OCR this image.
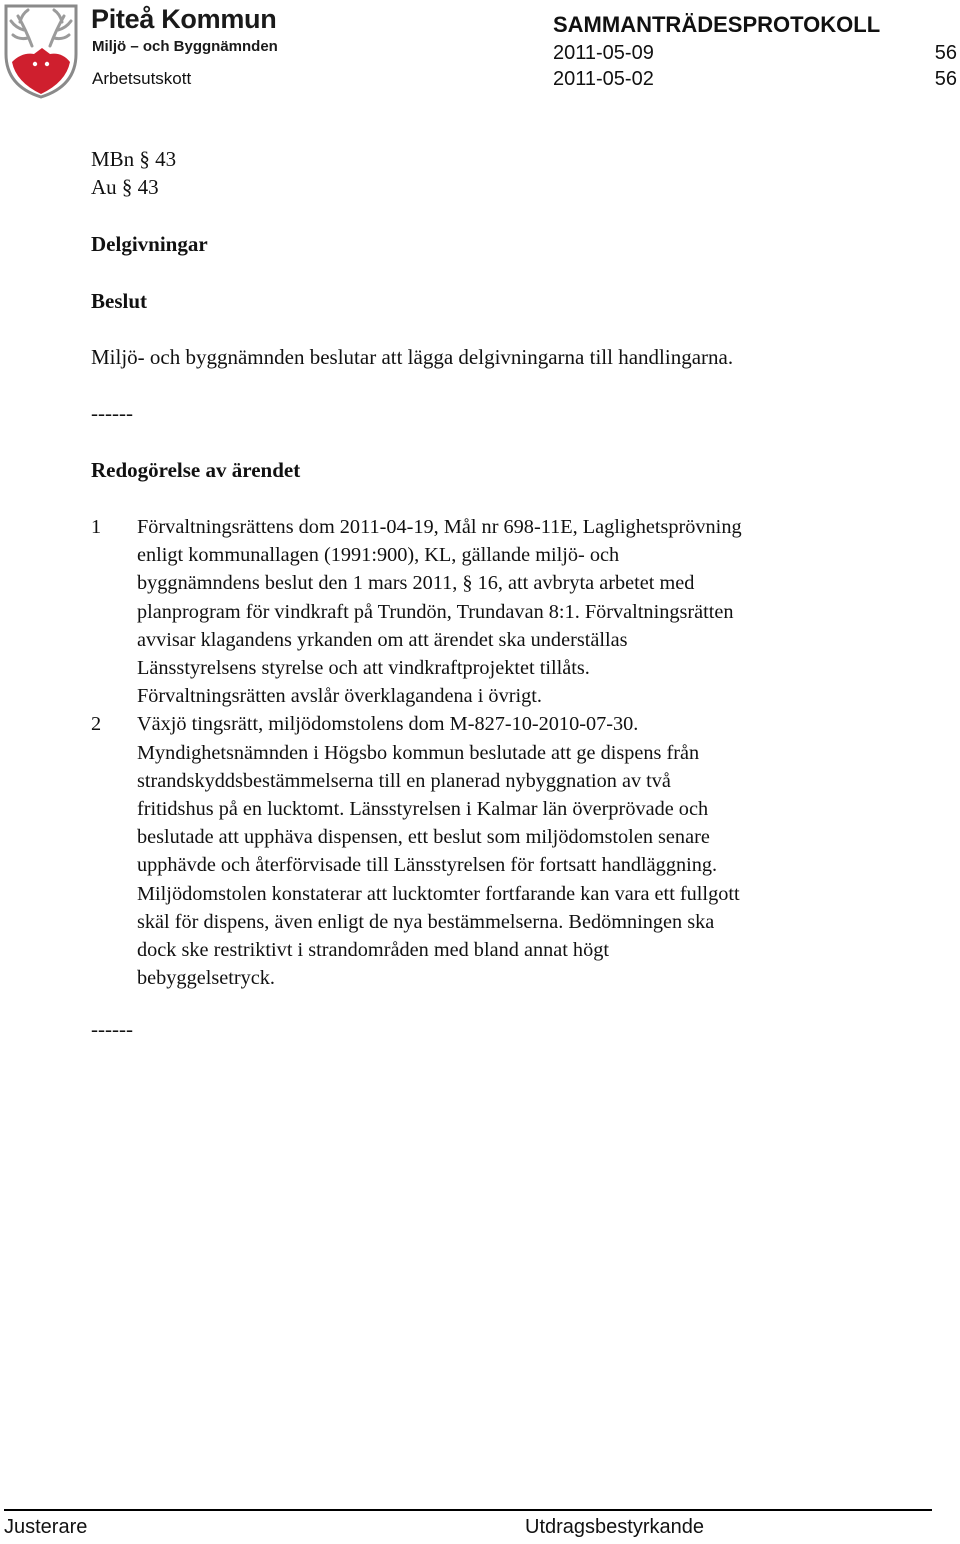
Piteå Kommun
Miljö – och Byggnämnden
Arbetsutskott
SAMMANTRÄDESPROTOKOLL
2011-05-09
2011-05-02
56
56
MBn § 43
Au § 43
Delgivningar
Beslut
Miljö- och byggnämnden beslutar att lägga delgivningarna till handlingarna.
------
Redogörelse av ärendet
1 Förvaltningsrättens dom 2011-04-19, Mål nr 698-11E, Laglighetsprövning
enligt kommunallagen (1991:900), KL, gällande miljö- och
byggnämndens beslut den 1 mars 2011, § 16, att avbryta arbetet med
planprogram för vindkraft på Trundön, Trundavan 8:1. Förvaltningsrätten
avvisar klagandens yrkanden om att ärendet ska underställas
Länsstyrelsens styrelse och att vindkraftprojektet tillåts.
Förvaltningsrätten avslår överklagandena i övrigt.
2 Växjö tingsrätt, miljödomstolens dom M-827-10-2010-07-30.
Myndighetsnämnden i Högsbo kommun beslutade att ge dispens från
strandskyddsbestämmelserna till en planerad nybyggnation av två
fritidshus på en lucktomt. Länsstyrelsen i Kalmar län överprövade och
beslutade att upphäva dispensen, ett beslut som miljödomstolen senare
upphävde och återförvisade till Länsstyrelsen för fortsatt handläggning.
Miljödomstolen konstaterar att lucktomter fortfarande kan vara ett fullgott
skäl för dispens, även enligt de nya bestämmelserna. Bedömningen ska
dock ske restriktivt i strandområden med bland annat högt
bebyggelsetryck.
------
Justerare	Utdragsbestyrkande
